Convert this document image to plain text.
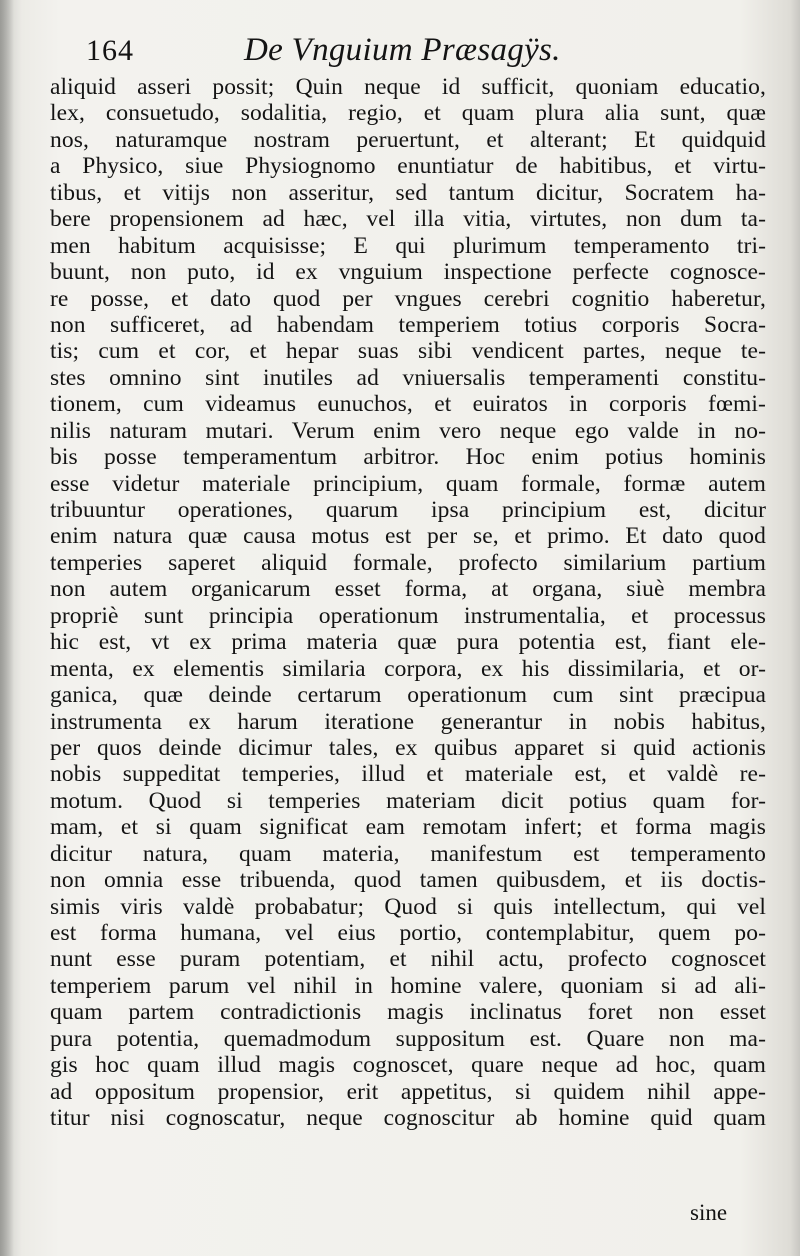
164	De Vnguium Præsagÿs.
aliquid asseri possit; Quin neque id sufficit, quoniam educatio,
lex, consuetudo, sodalitia, regio, et quam plura alia sunt, quæ
nos, naturamque nostram peruertunt, et alterant; Et quidquid
a Physico, siue Physiognomo enuntiatur de habitibus, et virtu-
tibus, et vitijs non asseritur, sed tantum dicitur, Socratem ha-
bere propensionem ad hæc, vel illa vitia, virtutes, non dum ta-
men habitum acquisisse; E qui plurimum temperamento tri-
buunt, non puto, id ex vnguium inspectione perfecte cognosce-
re posse, et dato quod per vngues cerebri cognitio haberetur,
non sufficeret, ad habendam temperiem totius corporis Socra-
tis; cum et cor, et hepar suas sibi vendicent partes, neque te-
stes omnino sint inutiles ad vniuersalis temperamenti constitu-
tionem, cum videamus eunuchos, et euiratos in corporis fœmi-
nilis naturam mutari. Verum enim vero neque ego valde in no-
bis posse temperamentum arbitror. Hoc enim potius hominis
esse videtur materiale principium, quam formale, formæ autem
tribuuntur operationes, quarum ipsa principium est, dicitur
enim natura quæ causa motus est per se, et primo. Et dato quod
temperies saperet aliquid formale, profecto similarium partium
non autem organicarum esset forma, at organa, siuè membra
propriè sunt principia operationum instrumentalia, et processus
hic est, vt ex prima materia quæ pura potentia est, fiant ele-
menta, ex elementis similaria corpora, ex his dissimilaria, et or-
ganica, quæ deinde certarum operationum cum sint præcipua
instrumenta ex harum iteratione generantur in nobis habitus,
per quos deinde dicimur tales, ex quibus apparet si quid actionis
nobis suppeditat temperies, illud et materiale est, et valdè re-
motum. Quod si temperies materiam dicit potius quam for-
mam, et si quam significat eam remotam infert; et forma magis
dicitur natura, quam materia, manifestum est temperamento
non omnia esse tribuenda, quod tamen quibusdem, et iis doctis-
simis viris valdè probabatur; Quod si quis intellectum, qui vel
est forma humana, vel eius portio, contemplabitur, quem po-
nunt esse puram potentiam, et nihil actu, profecto cognoscet
temperiem parum vel nihil in homine valere, quoniam si ad ali-
quam partem contradictionis magis inclinatus foret non esset
pura potentia, quemadmodum suppositum est. Quare non ma-
gis hoc quam illud magis cognoscet, quare neque ad hoc, quam
ad oppositum propensior, erit appetitus, si quidem nihil appe-
titur nisi cognoscatur, neque cognoscitur ab homine quid quam
sine
